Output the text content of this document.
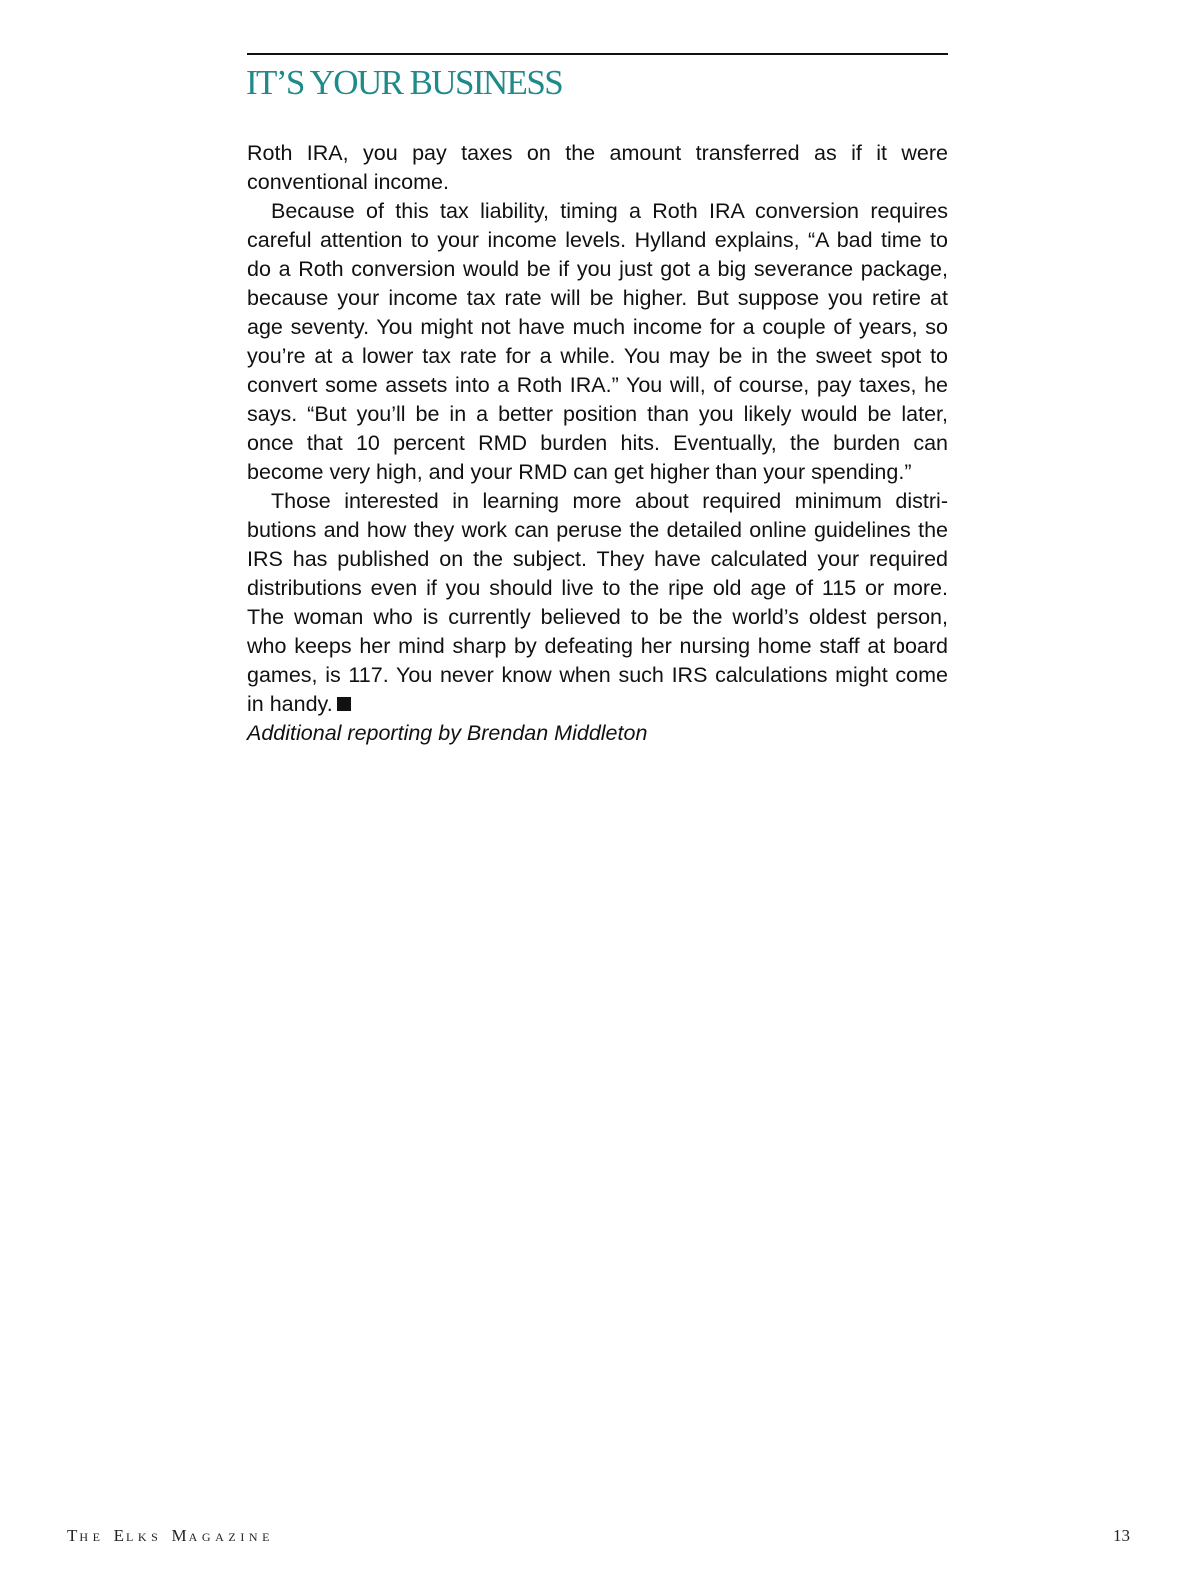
IT’S YOUR BUSINESS

Roth IRA, you pay taxes on the amount transferred as if it were conventional income.

Because of this tax liability, timing a Roth IRA conversion requires careful attention to your income levels. Hylland explains, “A bad time to do a Roth conversion would be if you just got a big severance package, because your income tax rate will be higher. But suppose you retire at age seventy. You might not have much income for a couple of years, so you’re at a lower tax rate for a while. You may be in the sweet spot to convert some assets into a Roth IRA.” You will, of course, pay taxes, he says. “But you’ll be in a better position than you likely would be later, once that 10 percent RMD burden hits. Eventually, the burden can become very high, and your RMD can get higher than your spending.”

Those interested in learning more about required minimum distributions and how they work can peruse the detailed online guidelines the IRS has published on the subject. They have calculated your required distributions even if you should live to the ripe old age of 115 or more. The woman who is currently believed to be the world’s oldest person, who keeps her mind sharp by defeating her nursing home staff at board games, is 117. You never know when such IRS calculations might come in handy.

Additional reporting by Brendan Middleton

THE ELKS MAGAZINE	13
